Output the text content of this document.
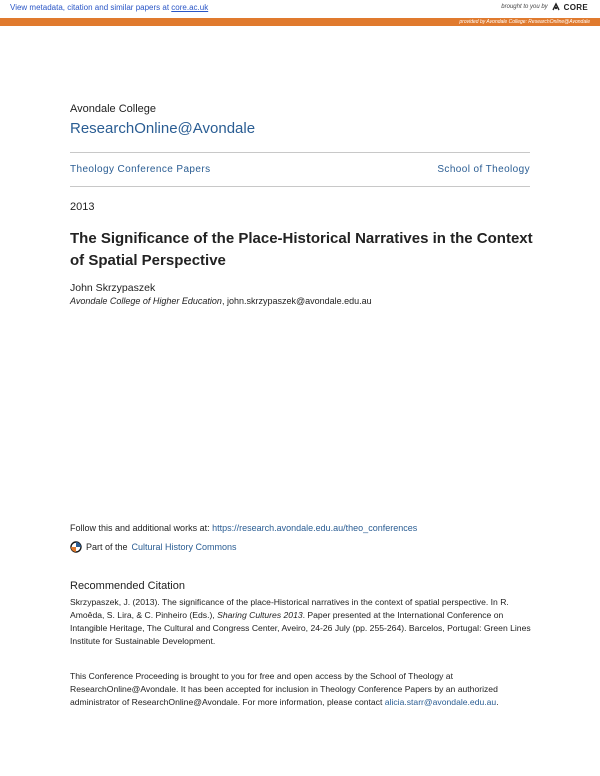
View metadata, citation and similar papers at core.ac.uk	brought to you by CORE
provided by Avondale College: ResearchOnline@Avondale
Avondale College
ResearchOnline@Avondale
Theology Conference Papers	School of Theology
2013
The Significance of the Place-Historical Narratives in the Context of Spatial Perspective
John Skrzypaszek
Avondale College of Higher Education, john.skrzypaszek@avondale.edu.au
Follow this and additional works at: https://research.avondale.edu.au/theo_conferences
Part of the Cultural History Commons
Recommended Citation
Skrzypaszek, J. (2013). The significance of the place-Historical narratives in the context of spatial perspective. In R. Amoêda, S. Lira, & C. Pinheiro (Eds.), Sharing Cultures 2013. Paper presented at the International Conference on Intangible Heritage, The Cultural and Congress Center, Aveiro, 24-26 July (pp. 255-264). Barcelos, Portugal: Green Lines Institute for Sustainable Development.
This Conference Proceeding is brought to you for free and open access by the School of Theology at ResearchOnline@Avondale. It has been accepted for inclusion in Theology Conference Papers by an authorized administrator of ResearchOnline@Avondale. For more information, please contact alicia.starr@avondale.edu.au.
